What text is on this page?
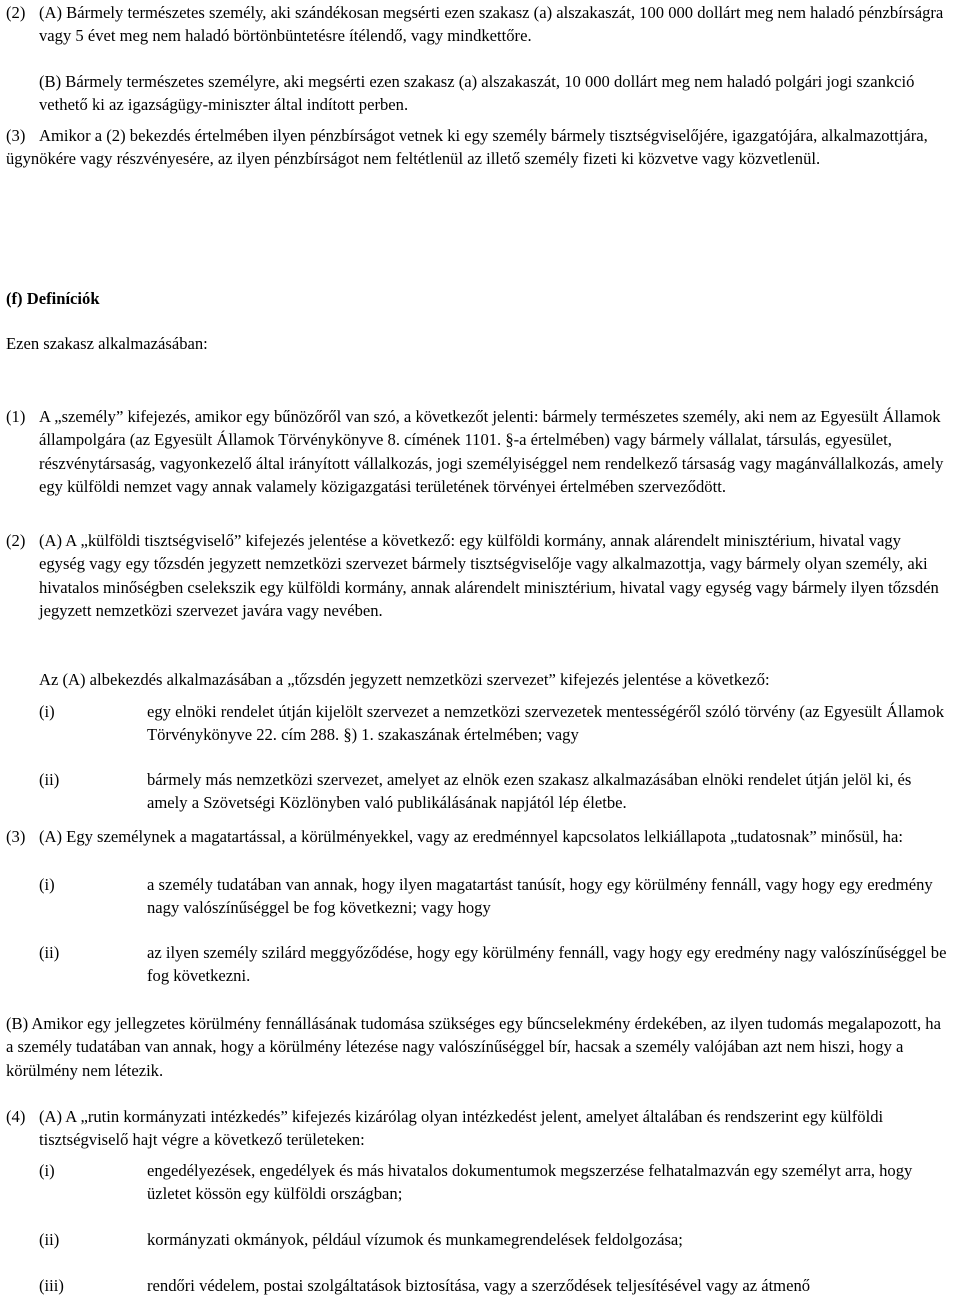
(2) (A) Bármely természetes személy, aki szándékosan megsérti ezen szakasz (a) alszakaszát, 100 000 dollárt meg nem haladó pénzbírságra vagy 5 évet meg nem haladó börtönbüntetésre ítélendő, vagy mindkettőre.
(B) Bármely természetes személyre, aki megsérti ezen szakasz (a) alszakaszát, 10 000 dollárt meg nem haladó polgári jogi szankció vethető ki az igazságügy-miniszter által indított perben.
(3) Amikor a (2) bekezdés értelmében ilyen pénzbírságot vetnek ki egy személy bármely tisztségviselőjére, igazgatójára, alkalmazottjára, ügynökére vagy részvényesére, az ilyen pénzbírságot nem feltétlenül az illető személy fizeti ki közvetve vagy közvetlenül.
(f) Definíciók
Ezen szakasz alkalmazásában:
(1) A „személy” kifejezés, amikor egy bűnözőről van szó, a következőt jelenti: bármely természetes személy, aki nem az Egyesült Államok állampolgára (az Egyesült Államok Törvénykönyve 8. címének 1101. §-a értelmében) vagy bármely vállalat, társulás, egyesület, részvénytársaság, vagyonkezelő által irányított vállalkozás, jogi személyiséggel nem rendelkező társaság vagy magánvállalkozás, amely egy külföldi nemzet vagy annak valamely közigazgatási területének törvényei értelmében szerveződött.
(2) (A) A „külföldi tisztségviselő” kifejezés jelentése a következő: egy külföldi kormány, annak alárendelt minisztérium, hivatal vagy egység vagy egy tőzsdén jegyzett nemzetközi szervezet bármely tisztségviselője vagy alkalmazottja, vagy bármely olyan személy, aki hivatalos minőségben cselekszik egy külföldi kormány, annak alárendelt minisztérium, hivatal vagy egység vagy bármely ilyen tőzsdén jegyzett nemzetközi szervezet javára vagy nevében.
Az (A) albekezdés alkalmazásában a „tőzsdén jegyzett nemzetközi szervezet” kifejezés jelentése a következő:
(i)	egy elnöki rendelet útján kijelölt szervezet a nemzetközi szervezetek mentességéről szóló törvény (az Egyesült Államok Törvénykönyve 22. cím 288. §) 1. szakaszának értelmében; vagy
(ii)	bármely más nemzetközi szervezet, amelyet az elnök ezen szakasz alkalmazásában elnöki rendelet útján jelöl ki, és amely a Szövetségi Közlönyben való publikálásának napjától lép életbe.
(3) (A) Egy személynek a magatartással, a körülményekkel, vagy az eredménnyel kapcsolatos lelkiállapota „tudatosnak” minősül, ha:
(i)	a személy tudatában van annak, hogy ilyen magatartást tanúsít, hogy egy körülmény fennáll, vagy hogy egy eredmény nagy valószínűséggel be fog következni; vagy hogy
(ii)	az ilyen személy szilárd meggyőződése, hogy egy körülmény fennáll, vagy hogy egy eredmény nagy valószínűséggel be fog következni.
(B) Amikor egy jellegzetes körülmény fennállásának tudomása szükséges egy bűncselekmény érdekében, az ilyen tudomás megalapozott, ha a személy tudatában van annak, hogy a körülmény létezése nagy valószínűséggel bír, hacsak a személy valójában azt nem hiszi, hogy a körülmény nem létezik.
(4) (A) A „rutin kormányzati intézkedés” kifejezés kizárólag olyan intézkedést jelent, amelyet általában és rendszerint egy külföldi tisztségviselő hajt végre a következő területeken:
(i)	engedélyezések, engedélyek és más hivatalos dokumentumok megszerzése felhatalmazván egy személyt arra, hogy üzletet kössön egy külföldi országban;
(ii)	kormányzati okmányok, például vízumok és munkamegrendelések feldolgozása;
(iii)	rendőri védelem, postai szolgáltatások biztosítása, vagy a szerződések teljesítésével vagy az átmenő
